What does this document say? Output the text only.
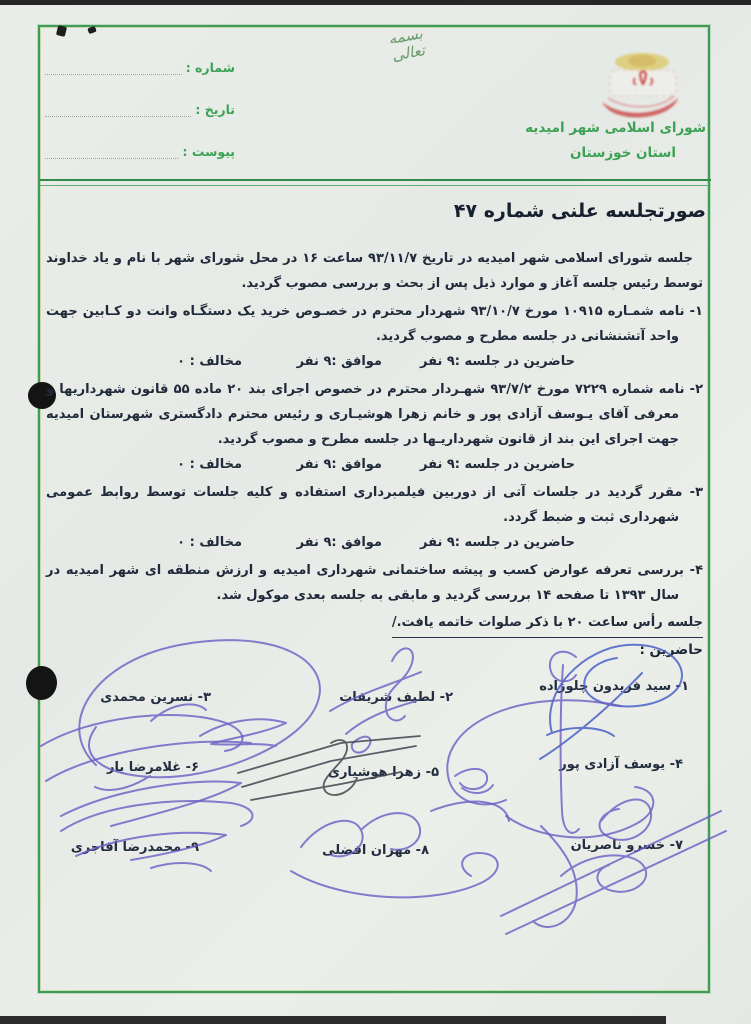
بسمه تعالی
شماره :
تاریخ :
پیوست :
شورای اسلامی شهر امیدیه
استان خوزستان
صورتجلسه علنی شماره ۴۷

جلسه شورای اسلامی شهر امیدیه در تاریخ ۹۳/۱۱/۷ ساعت ۱۶ در محل شورای شهر با نام و یاد خداوند توسط رئیس جلسه آغاز و موارد ذیل پس از بحث و بررسی مصوب گردید.

۱- نامه شمـاره ۱۰۹۱۵ مورخ ۹۳/۱۰/۷ شهردار محترم در خصـوص خرید یک دستگـاه وانت دو کـابین جهت واحد آتشنشانی در جلسه مطرح و مصوب گردید.

حاضرین در جلسه :۹ نفر
موافق :۹ نفر
مخالف : ۰

۲- نامه شماره ۷۲۲۹ مورخ ۹۳/۷/۲ شهـردار محترم در خصوص اجرای بند ۲۰ ماده ۵۵ قانون شهرداریها و معرفی آقای یـوسف آزادی پور و خانم زهرا هوشیـاری و رئیس محترم دادگستری شهرستان امیدیه جهت اجرای این بند از قانون شهرداریـها در جلسه مطرح و مصوب گردید.

حاضرین در جلسه :۹ نفر
موافق :۹ نفر
مخالف : ۰

۳- مقرر گردید در جلسات آتی از دوربین فیلمبرداری استفاده و کلیه جلسات توسط روابط عمومی شهرداری ثبت و ضبط گردد.

حاضرین در جلسه :۹ نفر
موافق :۹ نفر
مخالف : ۰

۴- بررسی تعرفه عوارض کسب و پیشه ساختمانی شهرداری امیدیه و ارزش منطقه ای شهر امیدیه در سال ۱۳۹۳ تا صفحه ۱۴ بررسی گردید و مابقی به جلسه بعدی موکول شد.

جلسه رأس ساعت ۲۰ با ذکر صلوات خاتمه یافت./
حاضرین :
۱- سید فریدون چلوزاده
۲- لطیف شریفات
۳- نسرین محمدی
۴- یوسف آزادی پور
۵- زهرا هوشیاری
۶- غلامرضا یار
۷- خسرو ناصریان
۸- مهران افضلی
۹- محمدرضا آقاجری
